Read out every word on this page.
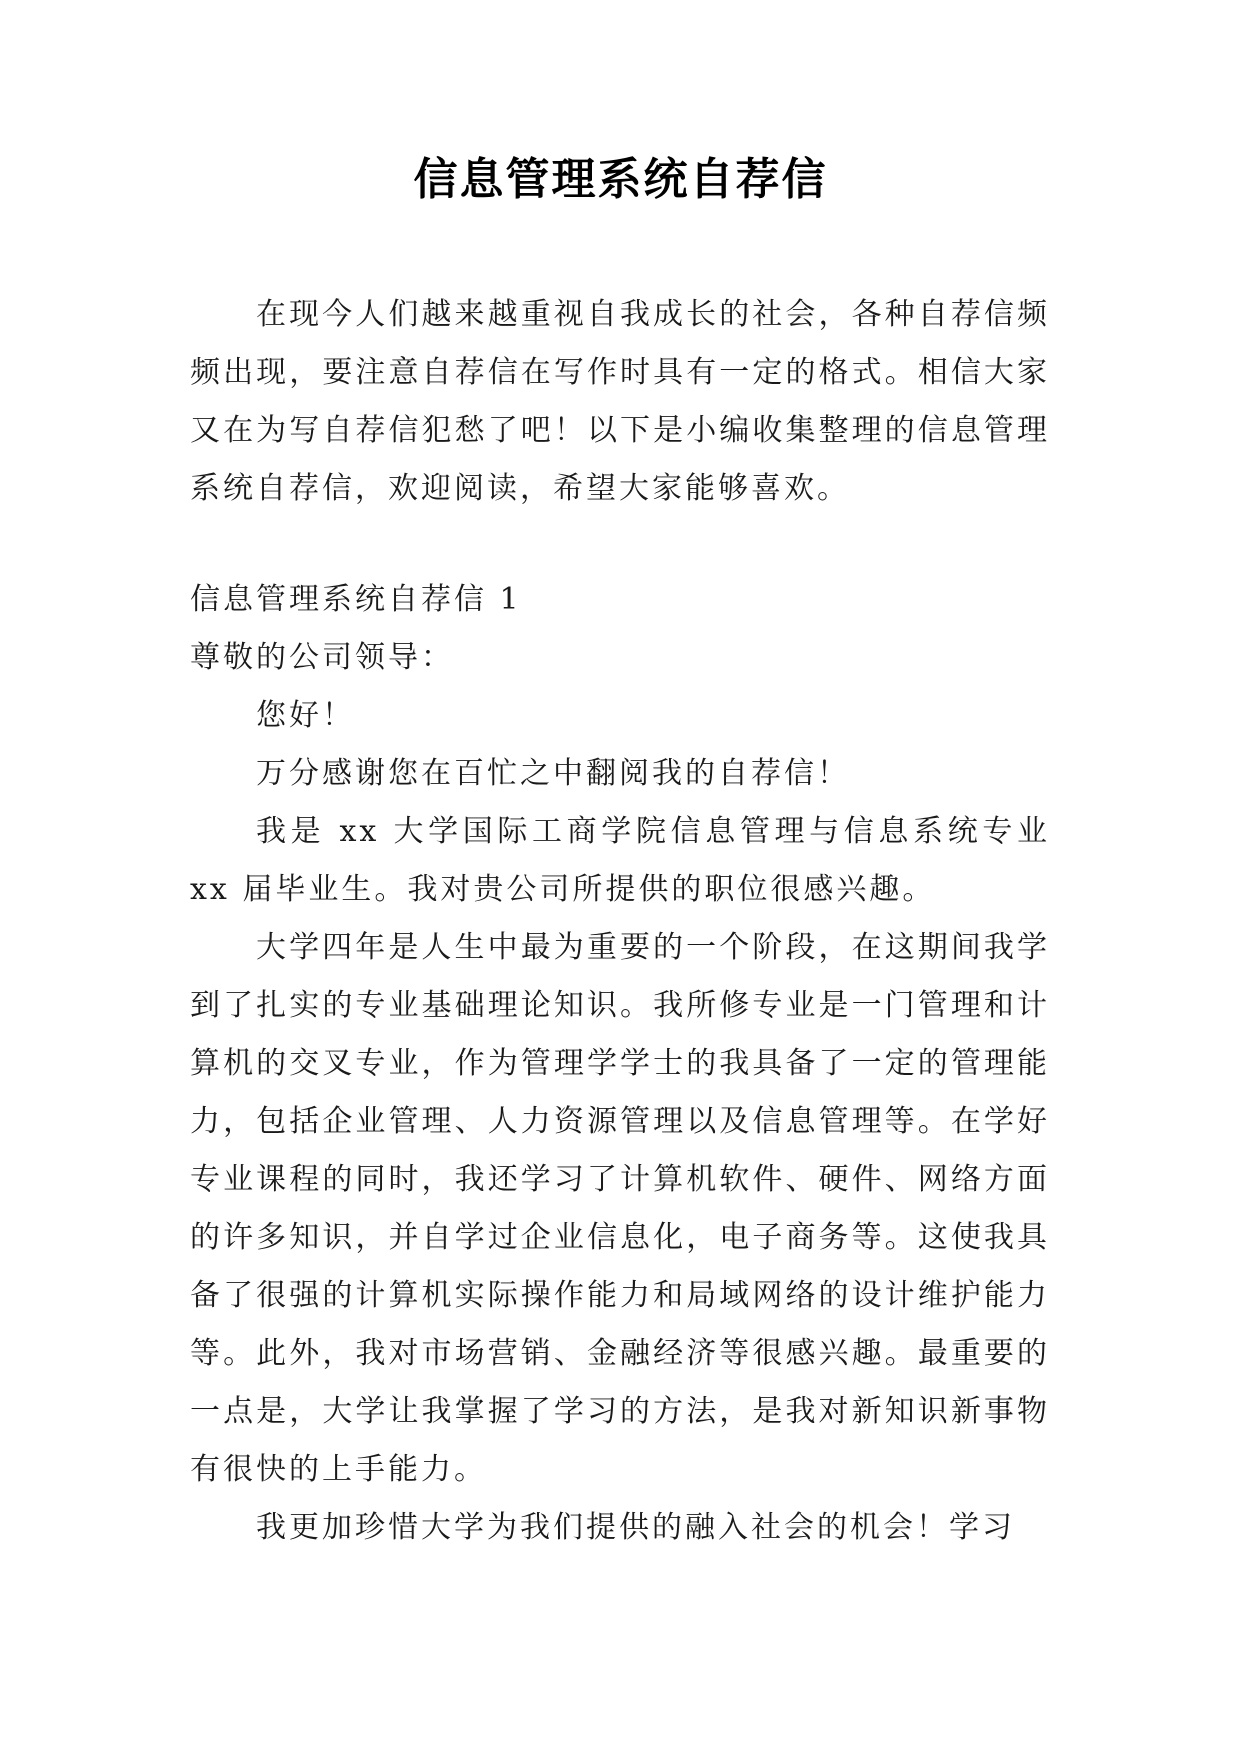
信息管理系统自荐信

在现今人们越来越重视自我成长的社会，各种自荐信频频出现，要注意自荐信在写作时具有一定的格式。相信大家又在为写自荐信犯愁了吧！以下是小编收集整理的信息管理系统自荐信，欢迎阅读，希望大家能够喜欢。

信息管理系统自荐信 1

尊敬的公司领导：

您好！

万分感谢您在百忙之中翻阅我的自荐信！

我是 xx 大学国际工商学院信息管理与信息系统专业 xx 届毕业生。我对贵公司所提供的职位很感兴趣。

大学四年是人生中最为重要的一个阶段，在这期间我学到了扎实的专业基础理论知识。我所修专业是一门管理和计算机的交叉专业，作为管理学学士的我具备了一定的管理能力，包括企业管理、人力资源管理以及信息管理等。在学好专业课程的同时，我还学习了计算机软件、硬件、网络方面的许多知识，并自学过企业信息化，电子商务等。这使我具备了很强的计算机实际操作能力和局域网络的设计维护能力等。此外，我对市场营销、金融经济等很感兴趣。最重要的一点是，大学让我掌握了学习的方法，是我对新知识新事物有很快的上手能力。

我更加珍惜大学为我们提供的融入社会的机会！学习
